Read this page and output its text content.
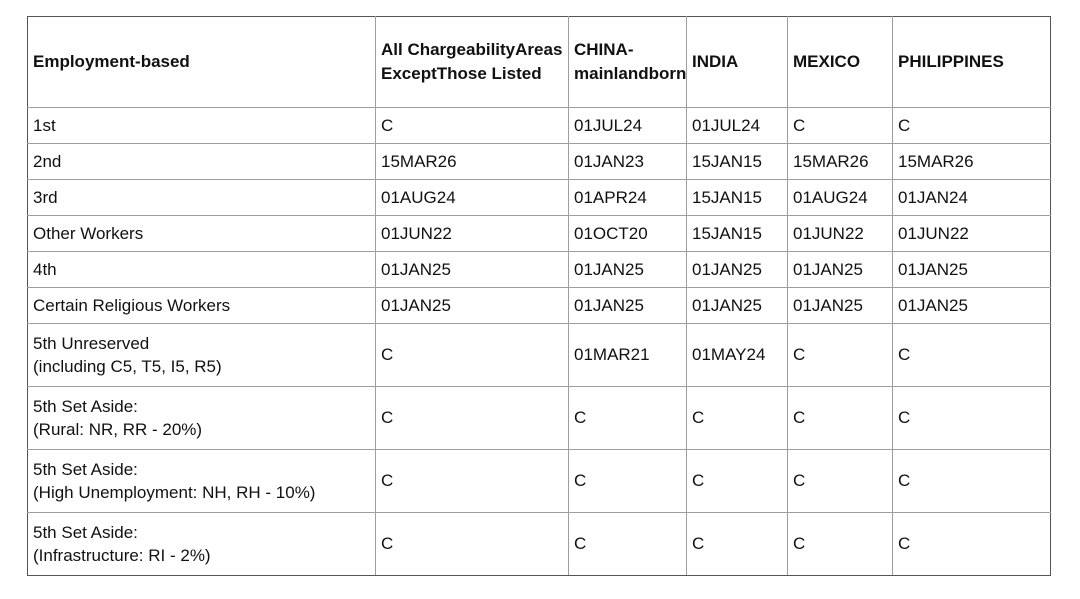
Employment-based	All ChargeabilityAreas ExceptThose Listed	CHINA-mainlandborn	INDIA	MEXICO	PHILIPPINES

1st	C	01JUL24	01JUL24	C	C

2nd	15MAR26	01JAN23	15JAN15	15MAR26	15MAR26

3rd	01AUG24	01APR24	15JAN15	01AUG24	01JAN24

Other Workers	01JUN22	01OCT20	15JAN15	01JUN22	01JUN22

4th	01JAN25	01JAN25	01JAN25	01JAN25	01JAN25

Certain Religious Workers	01JAN25	01JAN25	01JAN25	01JAN25	01JAN25

5th Unreserved
(including C5, T5, I5, R5)	C	01MAR21	01MAY24	C	C

5th Set Aside:
(Rural: NR, RR - 20%)	C	C	C	C	C

5th Set Aside:
(High Unemployment: NH, RH - 10%)	C	C	C	C	C

5th Set Aside:
(Infrastructure: RI - 2%)	C	C	C	C	C
